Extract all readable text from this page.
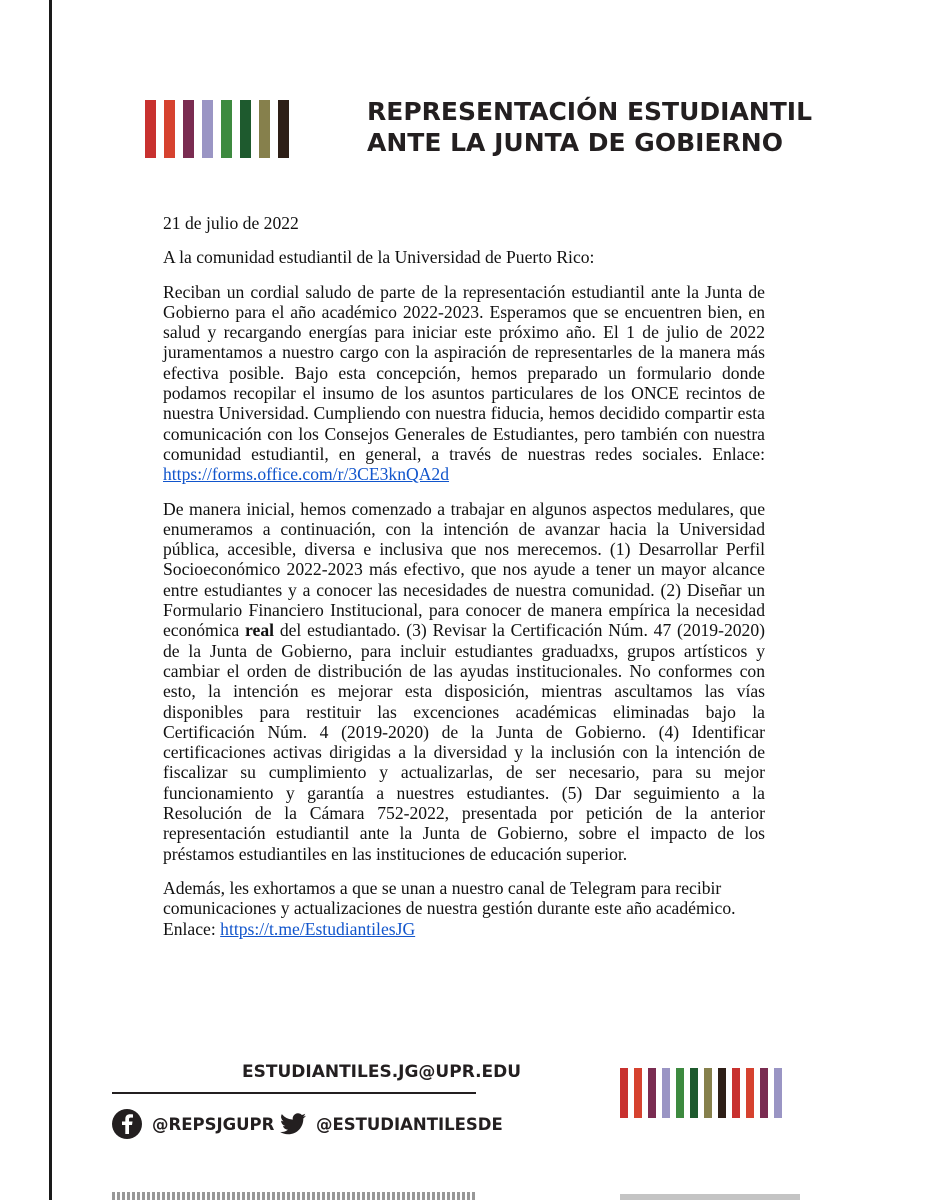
REPRESENTACIÓN ESTUDIANTIL
ANTE LA JUNTA DE GOBIERNO

21 de julio de 2022

A la comunidad estudiantil de la Universidad de Puerto Rico:

Reciban un cordial saludo de parte de la representación estudiantil ante la Junta de Gobierno para el año académico 2022-2023. Esperamos que se encuentren bien, en salud y recargando energías para iniciar este próximo año. El 1 de julio de 2022 juramentamos a nuestro cargo con la aspiración de representarles de la manera más efectiva posible. Bajo esta concepción, hemos preparado un formulario donde podamos recopilar el insumo de los asuntos particulares de los ONCE recintos de nuestra Universidad. Cumpliendo con nuestra fiducia, hemos decidido compartir esta comunicación con los Consejos Generales de Estudiantes, pero también con nuestra comunidad estudiantil, en general, a través de nuestras redes sociales. Enlace: https://forms.office.com/r/3CE3knQA2d

De manera inicial, hemos comenzado a trabajar en algunos aspectos medulares, que enumeramos a continuación, con la intención de avanzar hacia la Universidad pública, accesible, diversa e inclusiva que nos merecemos. (1) Desarrollar Perfil Socioeconómico 2022-2023 más efectivo, que nos ayude a tener un mayor alcance entre estudiantes y a conocer las necesidades de nuestra comunidad. (2) Diseñar un Formulario Financiero Institucional, para conocer de manera empírica la necesidad económica real del estudiantado. (3) Revisar la Certificación Núm. 47 (2019-2020) de la Junta de Gobierno, para incluir estudiantes graduadxs, grupos artísticos y cambiar el orden de distribución de las ayudas institucionales. No conformes con esto, la intención es mejorar esta disposición, mientras ascultamos las vías disponibles para restituir las excenciones académicas eliminadas bajo la Certificación Núm. 4 (2019-2020) de la Junta de Gobierno. (4) Identificar certificaciones activas dirigidas a la diversidad y la inclusión con la intención de fiscalizar su cumplimiento y actualizarlas, de ser necesario, para su mejor funcionamiento y garantía a nuestres estudiantes. (5) Dar seguimiento a la Resolución de la Cámara 752-2022, presentada por petición de la anterior representación estudiantil ante la Junta de Gobierno, sobre el impacto de los préstamos estudiantiles en las instituciones de educación superior.

Además, les exhortamos a que se unan a nuestro canal de Telegram para recibir comunicaciones y actualizaciones de nuestra gestión durante este año académico. Enlace: https://t.me/EstudiantilesJG

ESTUDIANTILES.JG@UPR.EDU
@REPSJGUPR	@ESTUDIANTILESDE
